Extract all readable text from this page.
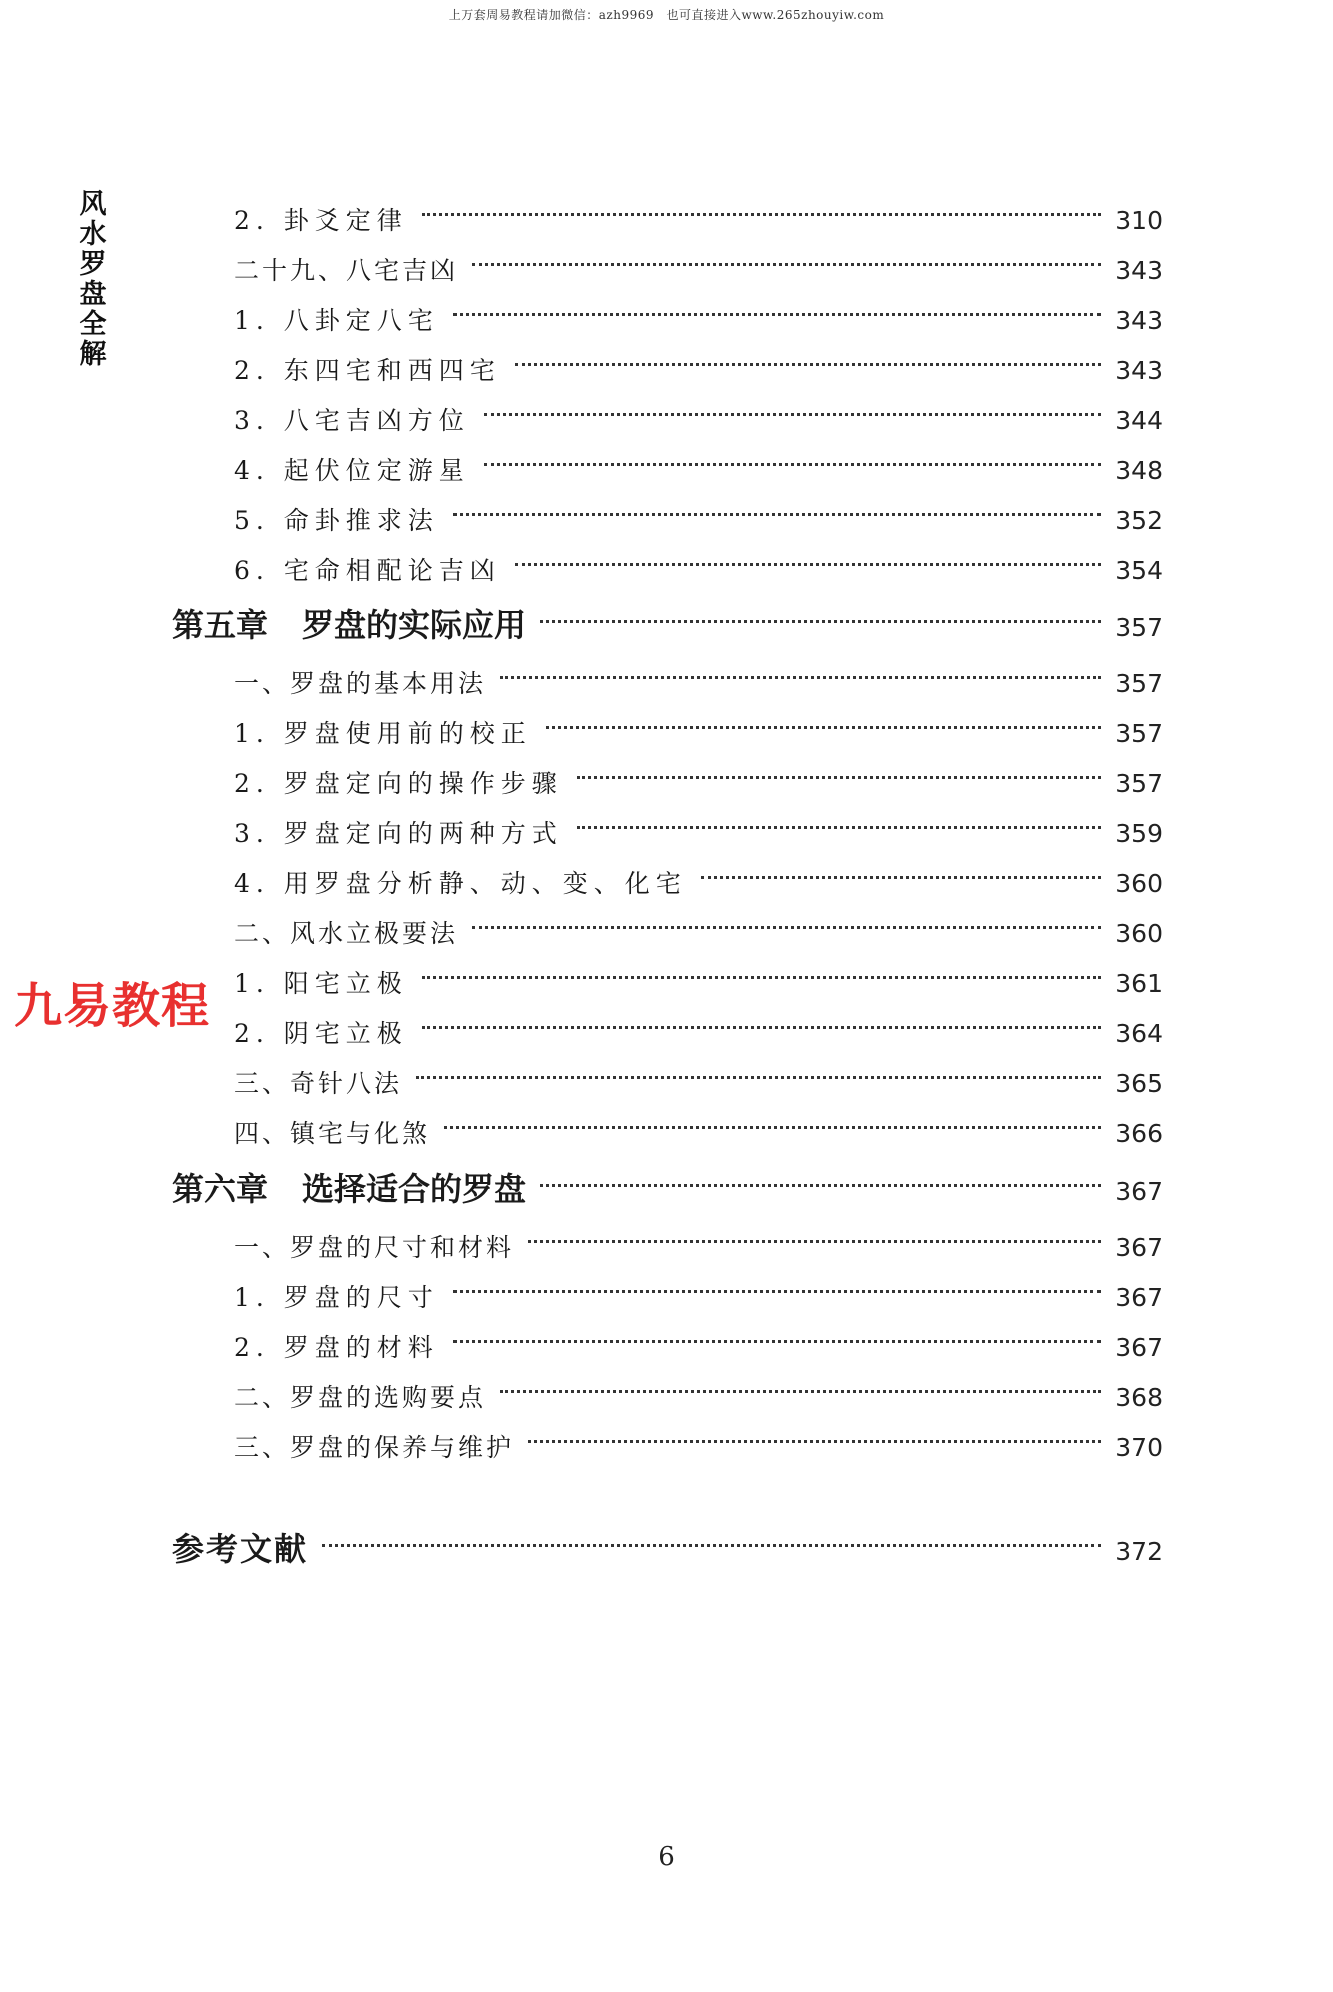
上万套周易教程请加微信：azh9969　也可直接进入www.265zhouyiw.com
风
水
罗
盘
全
解
2. 卦爻定律	310
二十九、八宅吉凶	343
1. 八卦定八宅	343
2. 东四宅和西四宅	343
3. 八宅吉凶方位	344
4. 起伏位定游星	348
5. 命卦推求法	352
6. 宅命相配论吉凶	354
第五章 罗盘的实际应用	357
一、罗盘的基本用法	357
1. 罗盘使用前的校正	357
2. 罗盘定向的操作步骤	357
3. 罗盘定向的两种方式	359
4. 用罗盘分析静、动、变、化宅	360
二、风水立极要法	360
1. 阳宅立极	361
2. 阴宅立极	364
三、奇针八法	365
四、镇宅与化煞	366
第六章 选择适合的罗盘	367
一、罗盘的尺寸和材料	367
1. 罗盘的尺寸	367
2. 罗盘的材料	367
二、罗盘的选购要点	368
三、罗盘的保养与维护	370
参考文献	372
九易教程
6
